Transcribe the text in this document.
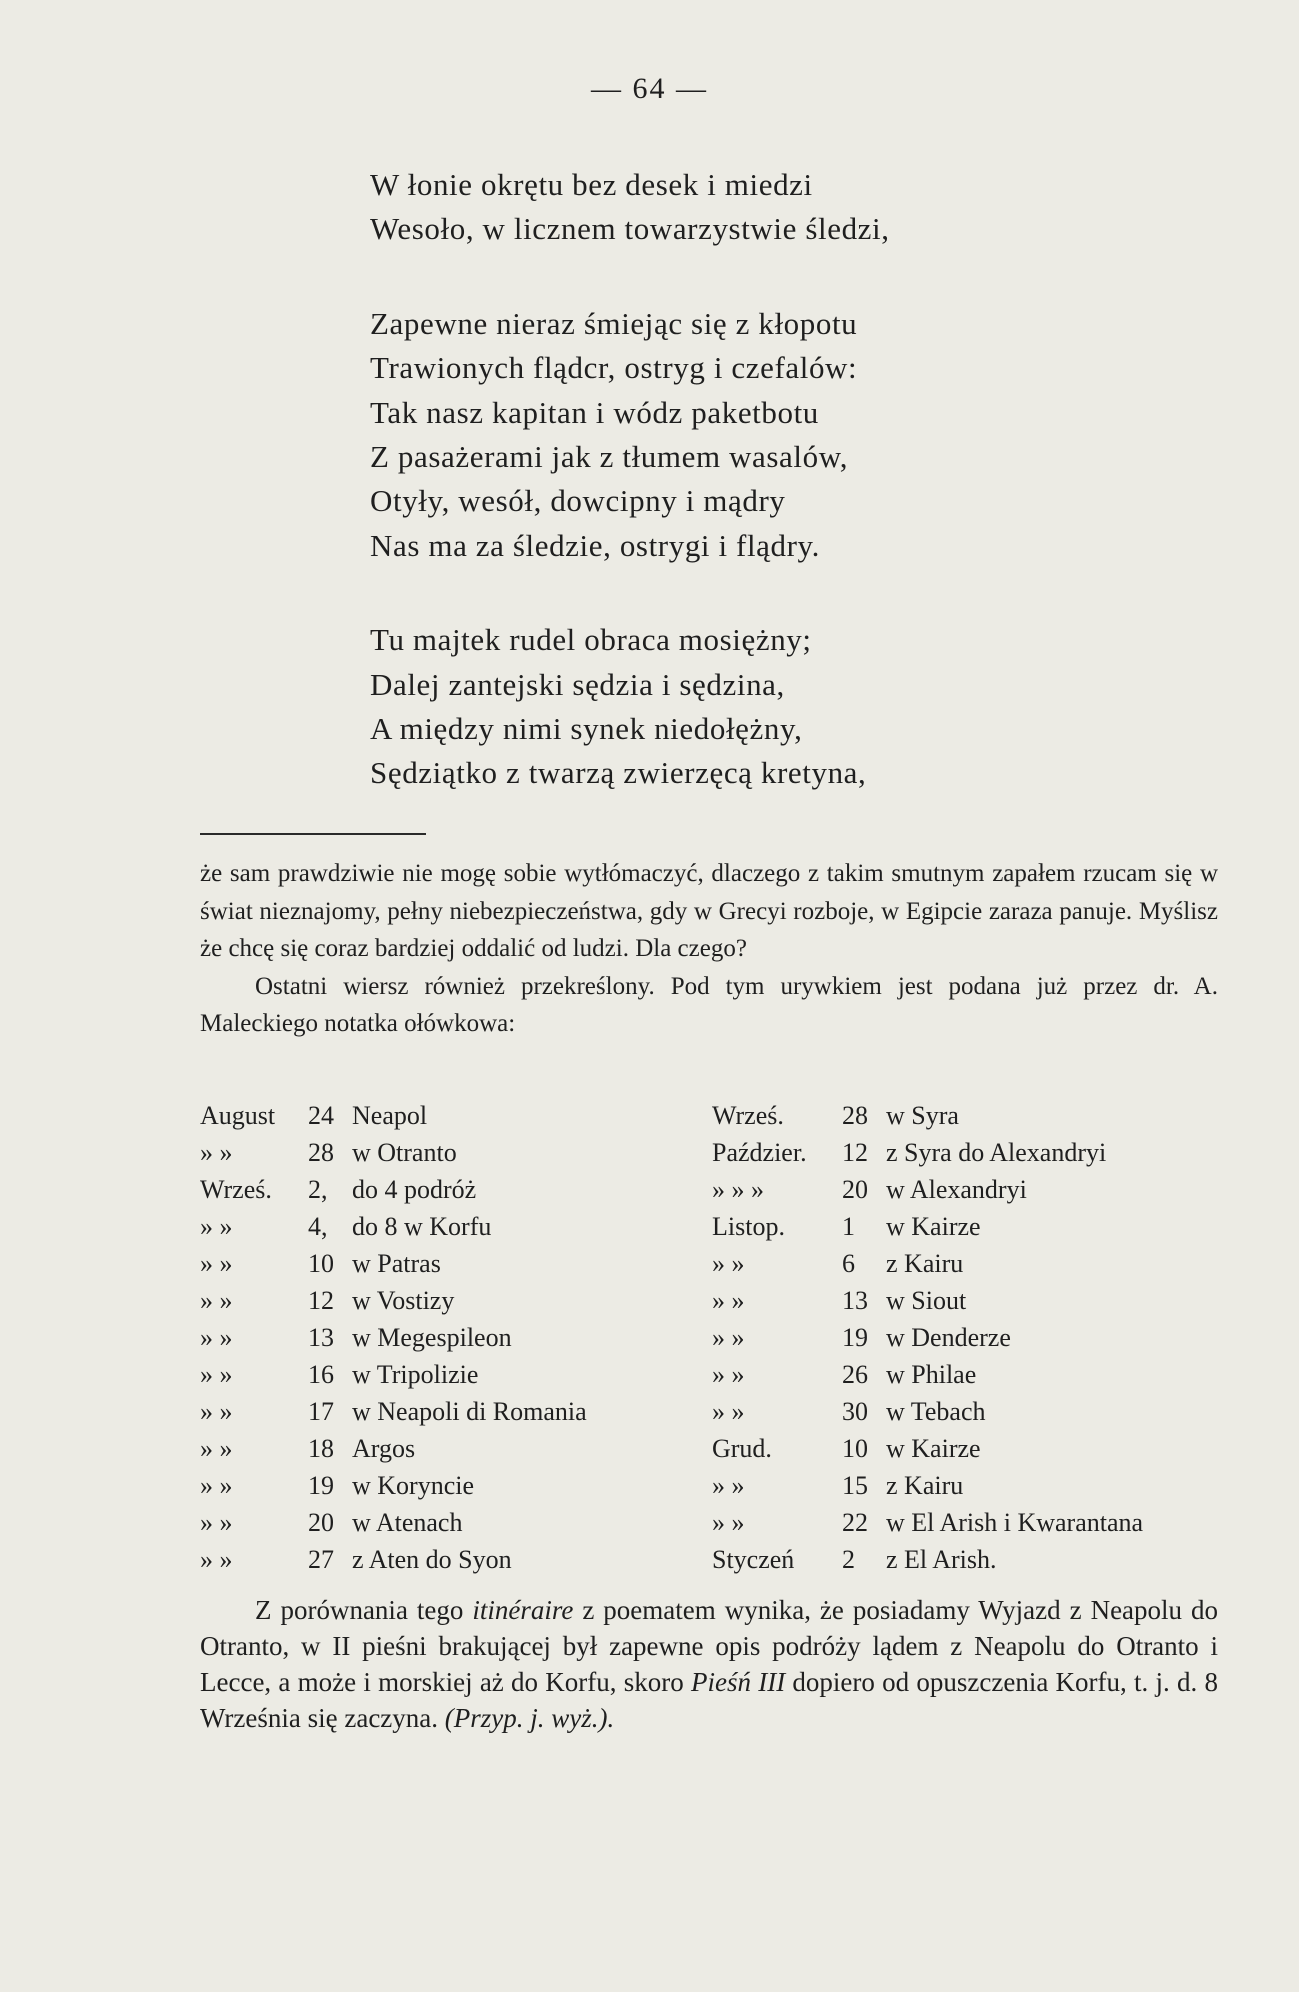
— 64 —
W łonie okrętu bez desek i miedzi
Wesoło, w licznem towarzystwie śledzi,
Zapewne nieraz śmiejąc się z kłopotu
Trawionych flądcr, ostryg i czefalów:
Tak nasz kapitan i wódz paketbotu
Z pasażerami jak z tłumem wasalów,
Otyły, wesół, dowcipny i mądry
Nas ma za śledzie, ostrygi i flądry.
Tu majtek rudel obraca mosiężny;
Dalej zantejski sędzia i sędzina,
A między nimi synek niedołężny,
Sędziątko z twarzą zwierzęcą kretyna,

że sam prawdziwie nie mogę sobie wytłómaczyć, dlaczego z takim smutnym zapałem rzucam się w świat nieznajomy, pełny niebezpieczeństwa, gdy w Grecyi rozboje, w Egipcie zaraza panuje. Myślisz że chcę się coraz bardziej oddalić od ludzi. Dla czego?

Ostatni wiersz również przekreślony. Pod tym urywkiem jest podana już przez dr. A. Maleckiego notatka ołówkowa:

August 24 Neapol
» »	28 w Otranto
Wrześ. 2, do 4 podróż
» »	4, do 8 w Korfu
» »	10 w Patras
» »	12 w Vostizy
» »	13 w Megespileon
» »	16 w Tripolizie
» »	17 w Neapoli di Romania
» »	18 Argos
» »	19 w Koryncie
» »	20 w Atenach
» »	27 z Aten do Syon
Wrześ. 28 w Syra
Paździer. 12 z Syra do Alexandryi
» » »	20 w Alexandryi
Listop. 1 w Kairze
» »	6 z Kairu
» »	13 w Siout
» »	19 w Denderze
» »	26 w Philae
» »	30 w Tebach
Grud.	10 w Kairze
» »	15 z Kairu
» »	22 w El Arish i Kwarantana
Styczeń 2 z El Arish.

Z porównania tego itinéraire z poematem wynika, że posiadamy Wyjazd z Neapolu do Otranto, w II pieśni brakującej był zapewne opis podróży lądem z Neapolu do Otranto i Lecce, a może i morskiej aż do Korfu, skoro Pieśń III dopiero od opuszczenia Korfu, t. j. d. 8 Września się zaczyna. (Przyp. j. wyż.).
